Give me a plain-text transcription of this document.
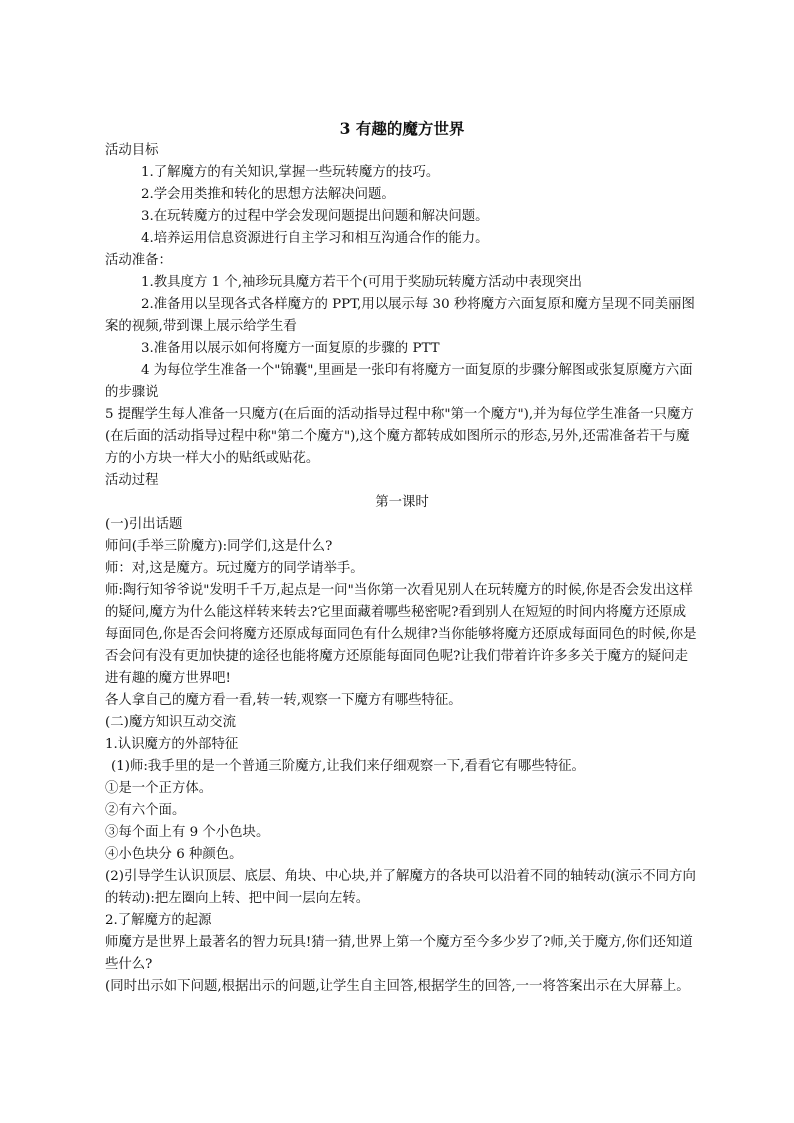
3 有趣的魔方世界
活动目标
1.了解魔方的有关知识,掌握一些玩转魔方的技巧。
2.学会用类推和转化的思想方法解决问题。
3.在玩转魔方的过程中学会发现问题提出问题和解决问题。
4.培养运用信息资源进行自主学习和相互沟通合作的能力。
活动准备：
1.教具度方 1 个,袖珍玩具魔方若干个(可用于奖励玩转魔方活动中表现突出
2.准备用以呈现各式各样魔方的 PPT,用以展示每 30 秒将魔方六面复原和魔方呈现不同美丽图案的视频,带到课上展示给学生看
3.准备用以展示如何将魔方一面复原的步骤的 PTT
4 为每位学生准备一个"锦囊",里画是一张印有将魔方一面复原的步骤分解图或张复原魔方六面的步骤说
5 提醒学生每人准备一只魔方(在后面的活动指导过程中称"第一个魔方"),并为每位学生准备一只魔方(在后面的活动指导过程中称"第二个魔方"),这个魔方都转成如图所示的形态,另外,还需准备若干与魔方的小方块一样大小的贴纸或贴花。
活动过程
第一课时
(一)引出话题
师问(手举三阶魔方):同学们,这是什么?
师：对,这是魔方。玩过魔方的同学请举手。
师:陶行知爷爷说"发明千千万,起点是一问"当你第一次看见别人在玩转魔方的时候,你是否会发出这样的疑问,魔方为什么能这样转来转去?它里面藏着哪些秘密呢?看到别人在短短的时间内将魔方还原成每面同色,你是否会问将魔方还原成每面同色有什么规律?当你能够将魔方还原成每面同色的时候,你是否会问有没有更加快捷的途径也能将魔方还原能每面同色呢?让我们带着许许多多关于魔方的疑问走进有趣的魔方世界吧!
各人拿自己的魔方看一看,转一转,观察一下魔方有哪些特征。
(二)魔方知识互动交流
1.认识魔方的外部特征
(1)师:我手里的是一个普通三阶魔方,让我们来仔细观察一下,看看它有哪些特征。
①是一个正方体。
②有六个面。
③每个面上有 9 个小色块。
④小色块分 6 种颜色。
(2)引导学生认识顶层、底层、角块、中心块,并了解魔方的各块可以沿着不同的轴转动(演示不同方向的转动):把左圈向上转、把中间一层向左转。
2.了解魔方的起源
师魔方是世界上最著名的智力玩具!猜一猜,世界上第一个魔方至今多少岁了?师,关于魔方,你们还知道些什么?
(同时出示如下问题,根据出示的问题,让学生自主回答,根据学生的回答,一一将答案出示在大屏幕上。
